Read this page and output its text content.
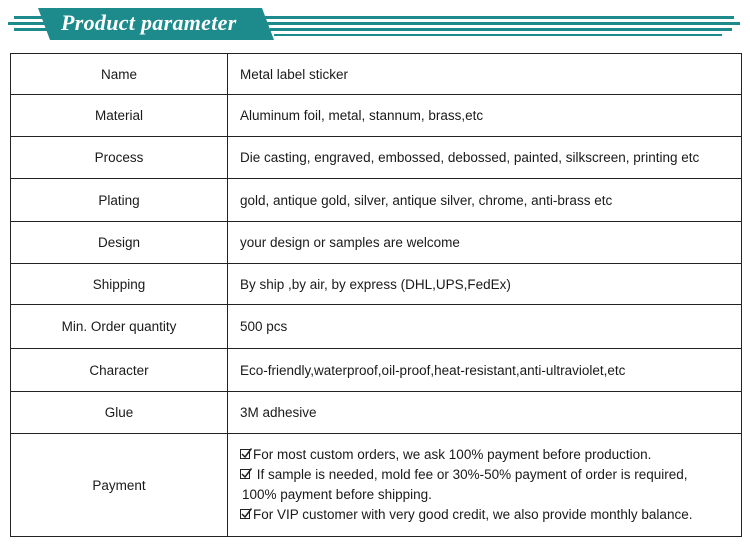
Product parameter
Name	Metal label sticker
Material	Aluminum foil, metal, stannum, brass,etc
Process	Die casting, engraved, embossed, debossed, painted, silkscreen, printing etc
Plating	gold, antique gold, silver, antique silver, chrome, anti-brass etc
Design	your design or samples are welcome
Shipping	By ship ,by air, by express (DHL,UPS,FedEx)
Min. Order quantity	500 pcs
Character	Eco-friendly,waterproof,oil-proof,heat-resistant,anti-ultraviolet,etc
Glue	3M adhesive
Payment	For most custom orders, we ask 100% payment before production.
If sample is needed, mold fee or 30%-50% payment of order is required,
100% payment before shipping.
For VIP customer with very good credit, we also provide monthly balance.
